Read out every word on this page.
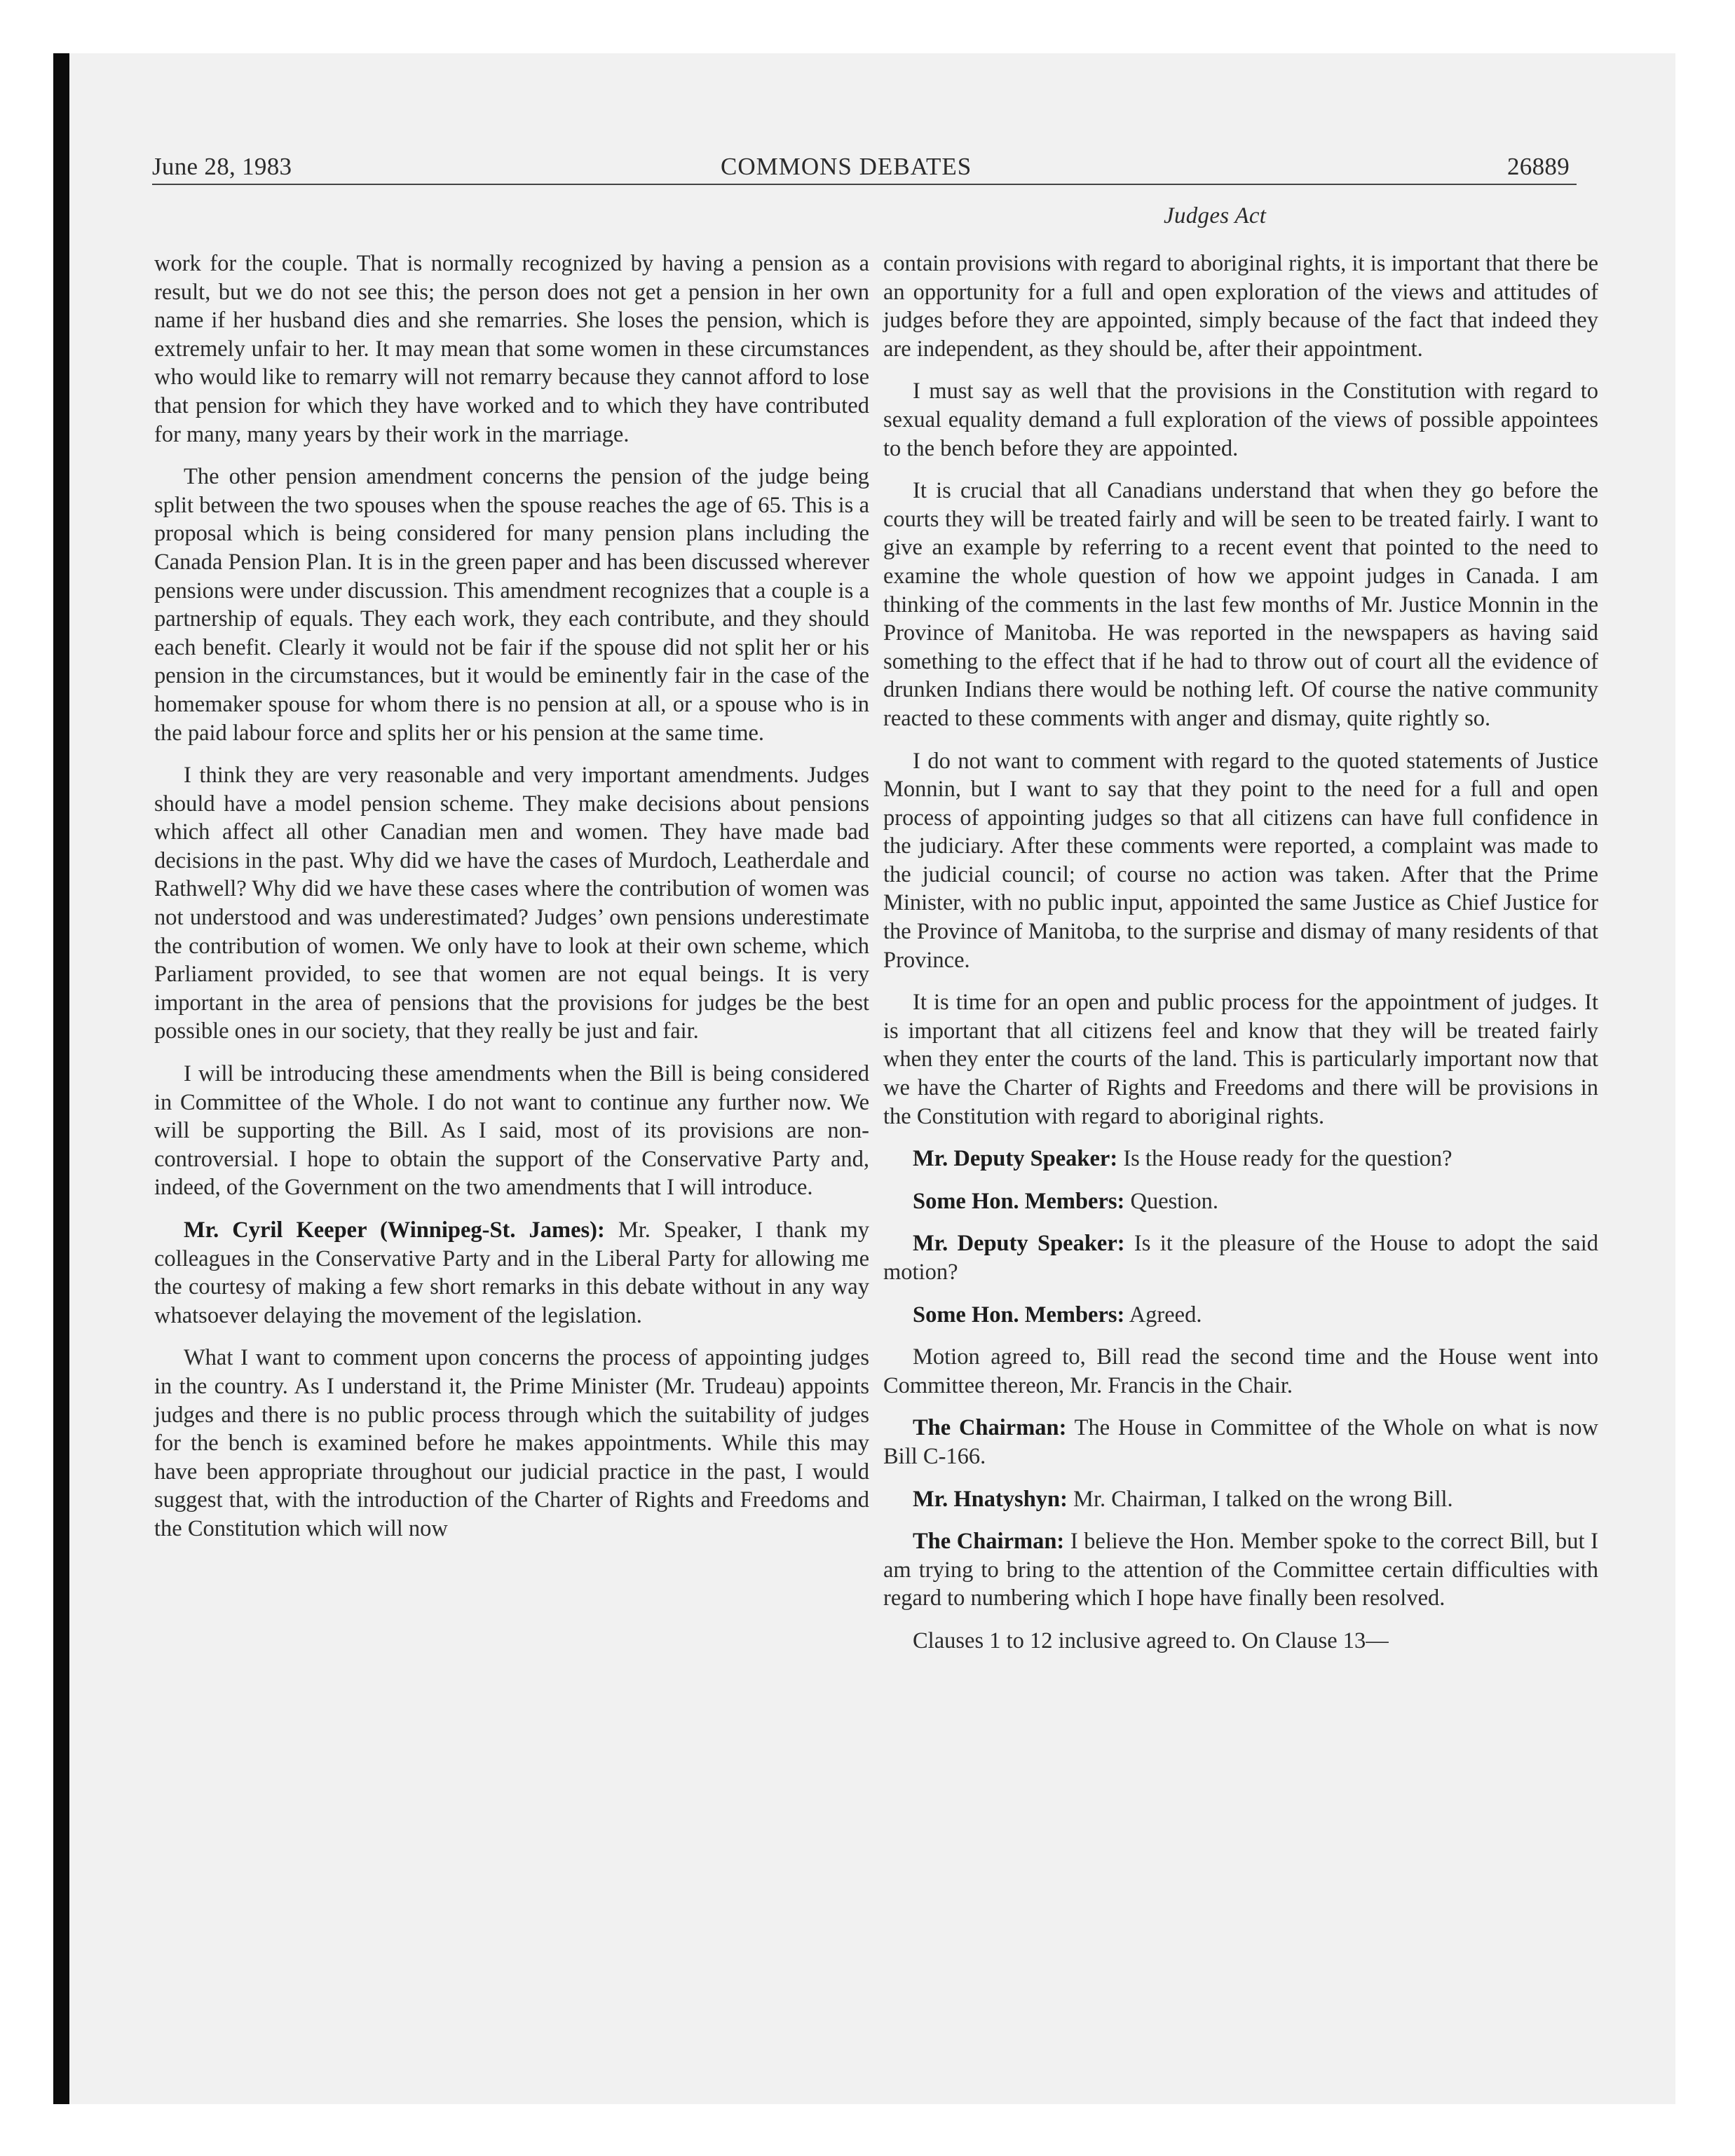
June 28, 1983	COMMONS DEBATES	26889
Judges Act

work for the couple. That is normally recognized by having a pension as a result, but we do not see this; the person does not get a pension in her own name if her husband dies and she remarries. She loses the pension, which is extremely unfair to her. It may mean that some women in these circumstances who would like to remarry will not remarry because they cannot afford to lose that pension for which they have worked and to which they have contributed for many, many years by their work in the marriage.

The other pension amendment concerns the pension of the judge being split between the two spouses when the spouse reaches the age of 65. This is a proposal which is being considered for many pension plans including the Canada Pension Plan. It is in the green paper and has been discussed wherever pensions were under discussion. This amendment recognizes that a couple is a partnership of equals. They each work, they each contribute, and they should each benefit. Clearly it would not be fair if the spouse did not split her or his pension in the circumstances, but it would be eminently fair in the case of the homemaker spouse for whom there is no pension at all, or a spouse who is in the paid labour force and splits her or his pension at the same time.

I think they are very reasonable and very important amendments. Judges should have a model pension scheme. They make decisions about pensions which affect all other Canadian men and women. They have made bad decisions in the past. Why did we have the cases of Murdoch, Leatherdale and Rathwell? Why did we have these cases where the contribution of women was not understood and was underestimated? Judges’ own pensions underestimate the contribution of women. We only have to look at their own scheme, which Parliament provided, to see that women are not equal beings. It is very important in the area of pensions that the provisions for judges be the best possible ones in our society, that they really be just and fair.

I will be introducing these amendments when the Bill is being considered in Committee of the Whole. I do not want to continue any further now. We will be supporting the Bill. As I said, most of its provisions are non-controversial. I hope to obtain the support of the Conservative Party and, indeed, of the Government on the two amendments that I will introduce.

Mr. Cyril Keeper (Winnipeg-St. James): Mr. Speaker, I thank my colleagues in the Conservative Party and in the Liberal Party for allowing me the courtesy of making a few short remarks in this debate without in any way whatsoever delaying the movement of the legislation.

What I want to comment upon concerns the process of appointing judges in the country. As I understand it, the Prime Minister (Mr. Trudeau) appoints judges and there is no public process through which the suitability of judges for the bench is examined before he makes appointments. While this may have been appropriate throughout our judicial practice in the past, I would suggest that, with the introduction of the Charter of Rights and Freedoms and the Constitution which will now

contain provisions with regard to aboriginal rights, it is important that there be an opportunity for a full and open exploration of the views and attitudes of judges before they are appointed, simply because of the fact that indeed they are independent, as they should be, after their appointment.

I must say as well that the provisions in the Constitution with regard to sexual equality demand a full exploration of the views of possible appointees to the bench before they are appointed.

It is crucial that all Canadians understand that when they go before the courts they will be treated fairly and will be seen to be treated fairly. I want to give an example by referring to a recent event that pointed to the need to examine the whole question of how we appoint judges in Canada. I am thinking of the comments in the last few months of Mr. Justice Monnin in the Province of Manitoba. He was reported in the newspapers as having said something to the effect that if he had to throw out of court all the evidence of drunken Indians there would be nothing left. Of course the native community reacted to these comments with anger and dismay, quite rightly so.

I do not want to comment with regard to the quoted statements of Justice Monnin, but I want to say that they point to the need for a full and open process of appointing judges so that all citizens can have full confidence in the judiciary. After these comments were reported, a complaint was made to the judicial council; of course no action was taken. After that the Prime Minister, with no public input, appointed the same Justice as Chief Justice for the Province of Manitoba, to the surprise and dismay of many residents of that Province.

It is time for an open and public process for the appointment of judges. It is important that all citizens feel and know that they will be treated fairly when they enter the courts of the land. This is particularly important now that we have the Charter of Rights and Freedoms and there will be provisions in the Constitution with regard to aboriginal rights.

Mr. Deputy Speaker: Is the House ready for the question?

Some Hon. Members: Question.

Mr. Deputy Speaker: Is it the pleasure of the House to adopt the said motion?

Some Hon. Members: Agreed.

Motion agreed to, Bill read the second time and the House went into Committee thereon, Mr. Francis in the Chair.

The Chairman: The House in Committee of the Whole on what is now Bill C-166.

Mr. Hnatyshyn: Mr. Chairman, I talked on the wrong Bill.

The Chairman: I believe the Hon. Member spoke to the correct Bill, but I am trying to bring to the attention of the Committee certain difficulties with regard to numbering which I hope have finally been resolved.

Clauses 1 to 12 inclusive agreed to. On Clause 13—
